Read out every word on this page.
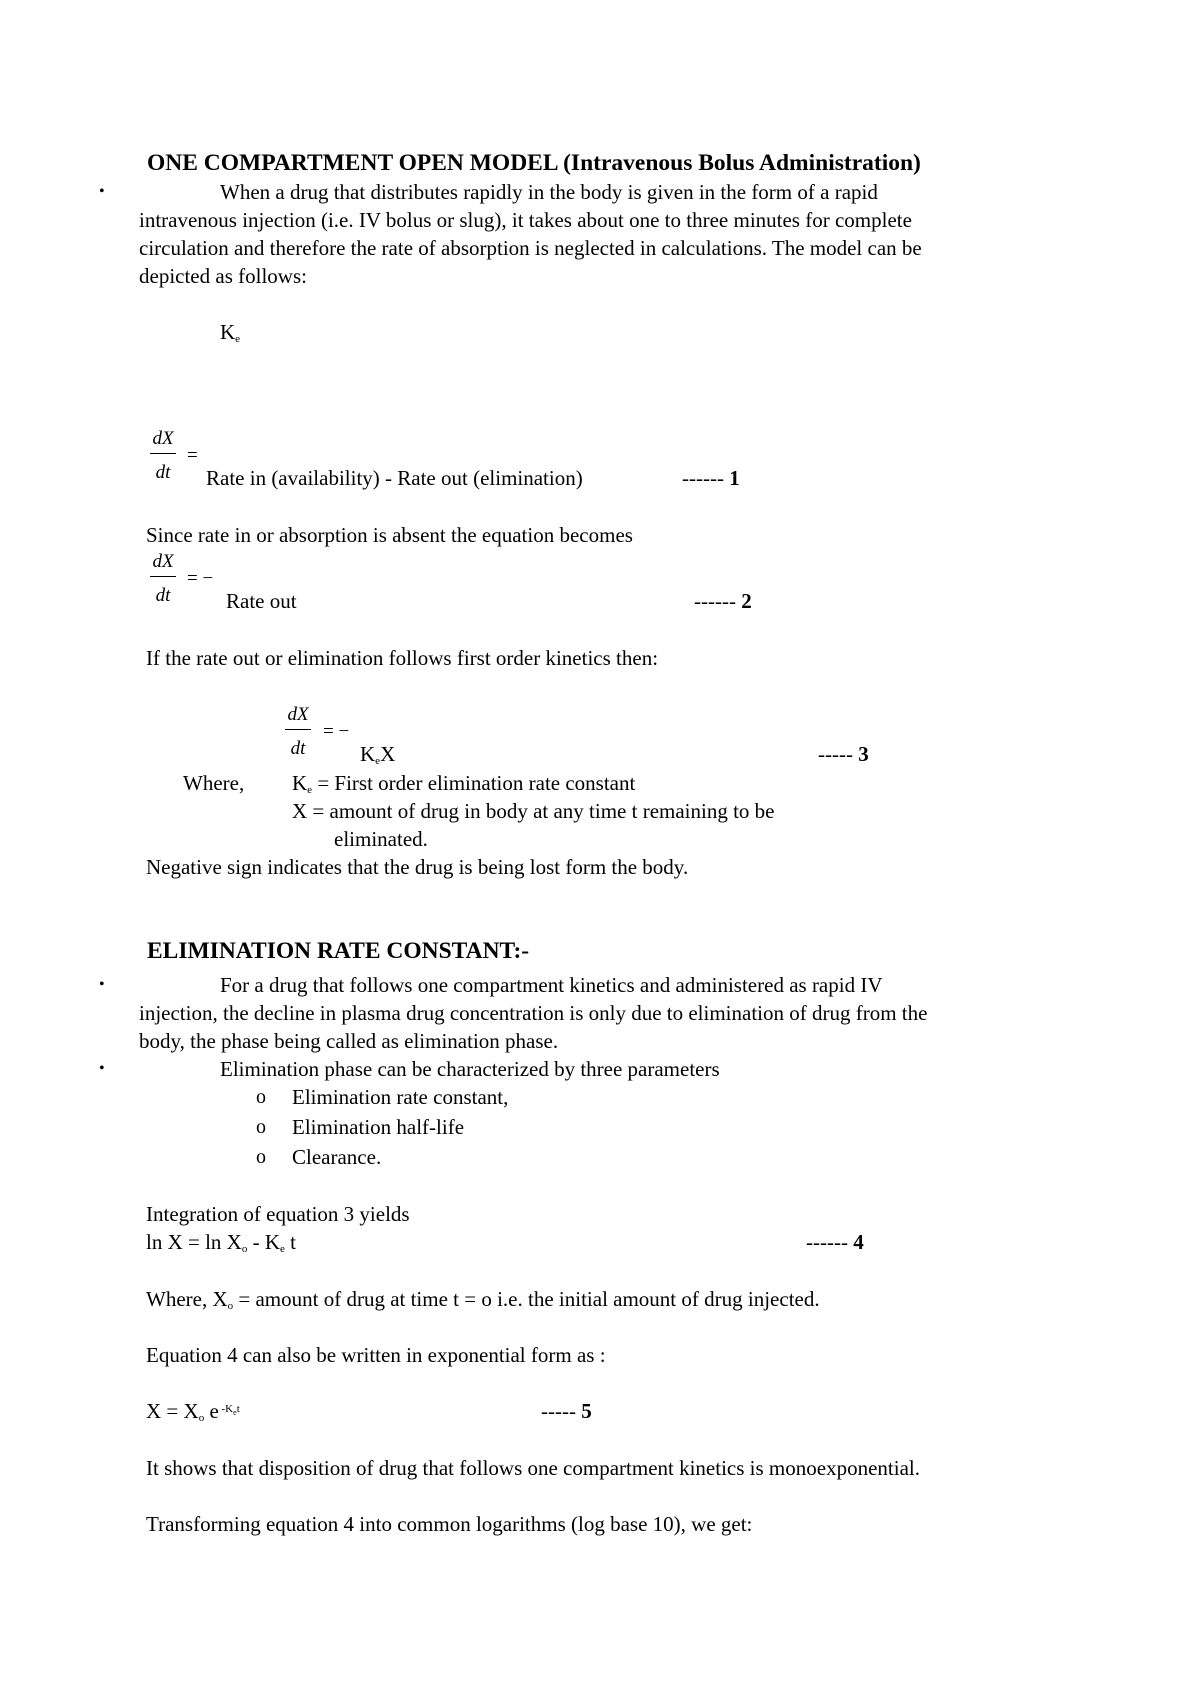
ONE COMPARTMENT OPEN MODEL (Intravenous Bolus Administration)
•	When a drug that distributes rapidly in the body is given in the form of a rapid
intravenous injection (i.e. IV bolus or slug), it takes about one to three minutes for complete
circulation and therefore the rate of absorption is neglected in calculations. The model can be
depicted as follows:
Ke
dX
dt
=
Rate in (availability) - Rate out (elimination)	------ 1
Since rate in or absorption is absent the equation becomes
dX
dt
= −
Rate out	------ 2
If the rate out or elimination follows first order kinetics then:
dX
dt
= −
KeX	----- 3
Where, Ke = First order elimination rate constant
X = amount of drug in body at any time t remaining to be
eliminated.
Negative sign indicates that the drug is being lost form the body.
ELIMINATION RATE CONSTANT:-
•	For a drug that follows one compartment kinetics and administered as rapid IV
injection, the decline in plasma drug concentration is only due to elimination of drug from the
body, the phase being called as elimination phase.
•	Elimination phase can be characterized by three parameters
o Elimination rate constant,
o Elimination half-life
o Clearance.
Integration of equation 3 yields
ln X = ln Xo - Ke t	------ 4
Where, Xo = amount of drug at time t = o i.e. the initial amount of drug injected.
Equation 4 can also be written in exponential form as :
X = Xo e $^{-K}e^t$	----- 5
It shows that disposition of drug that follows one compartment kinetics is monoexponential.
Transforming equation 4 into common logarithms (log base 10), we get:
